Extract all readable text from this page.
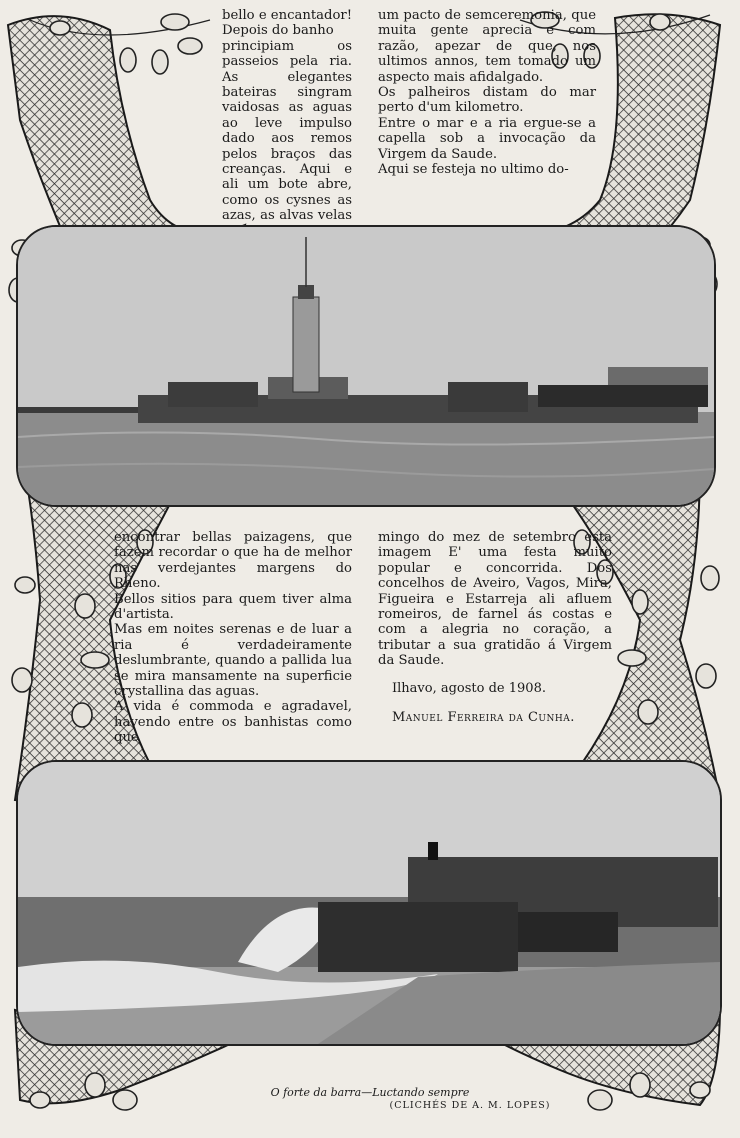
bello e encantador!
Depois do banho
principiam os passeios pela ria. As elegantes bateiras singram vaidosas as aguas ao leve impulso dado aos remos pelos braços das creanças. Aqui e ali um bote abre, como os cysnes as azas, as alvas velas
um pacto de semceremonia, que muita gente aprecia e com razão, apezar de que, nos ultimos annos, tem tomado um aspecto mais afidalgado.
Os palheiros distam do mar perto d'um kilometro.
Entre o mar e a ria ergue-se a capella sob a invocação da Virgem da Saude.
Aqui se festeja no ultimo do-
encontrar bellas paizagens, que fazem recordar o que ha de melhor nas verdejantes margens do Rheno.
Bellos sitios para quem tiver alma d'artista.
Mas em noites serenas e de luar a ria é verdadeiramente deslumbrante, quando a pallida lua se mira mansamente na superficie crystallina das aguas.
A vida é commoda e agradavel, havendo entre os banhistas como que
mingo do mez de setembro esta imagem E' uma festa muito popular e concorrida. Dos concelhos de Aveiro, Vagos, Mira, Figueira e Estarreja ali afluem romeiros, de farnel ás costas e com a alegria no coração, a tributar a sua gratidão á Virgem da Saude.
Ilhavo, agosto de 1908.
Manuel Ferreira da Cunha.
O forte da barra—Luctando sempre
(CLICHÉS DE A. M. LOPES)
